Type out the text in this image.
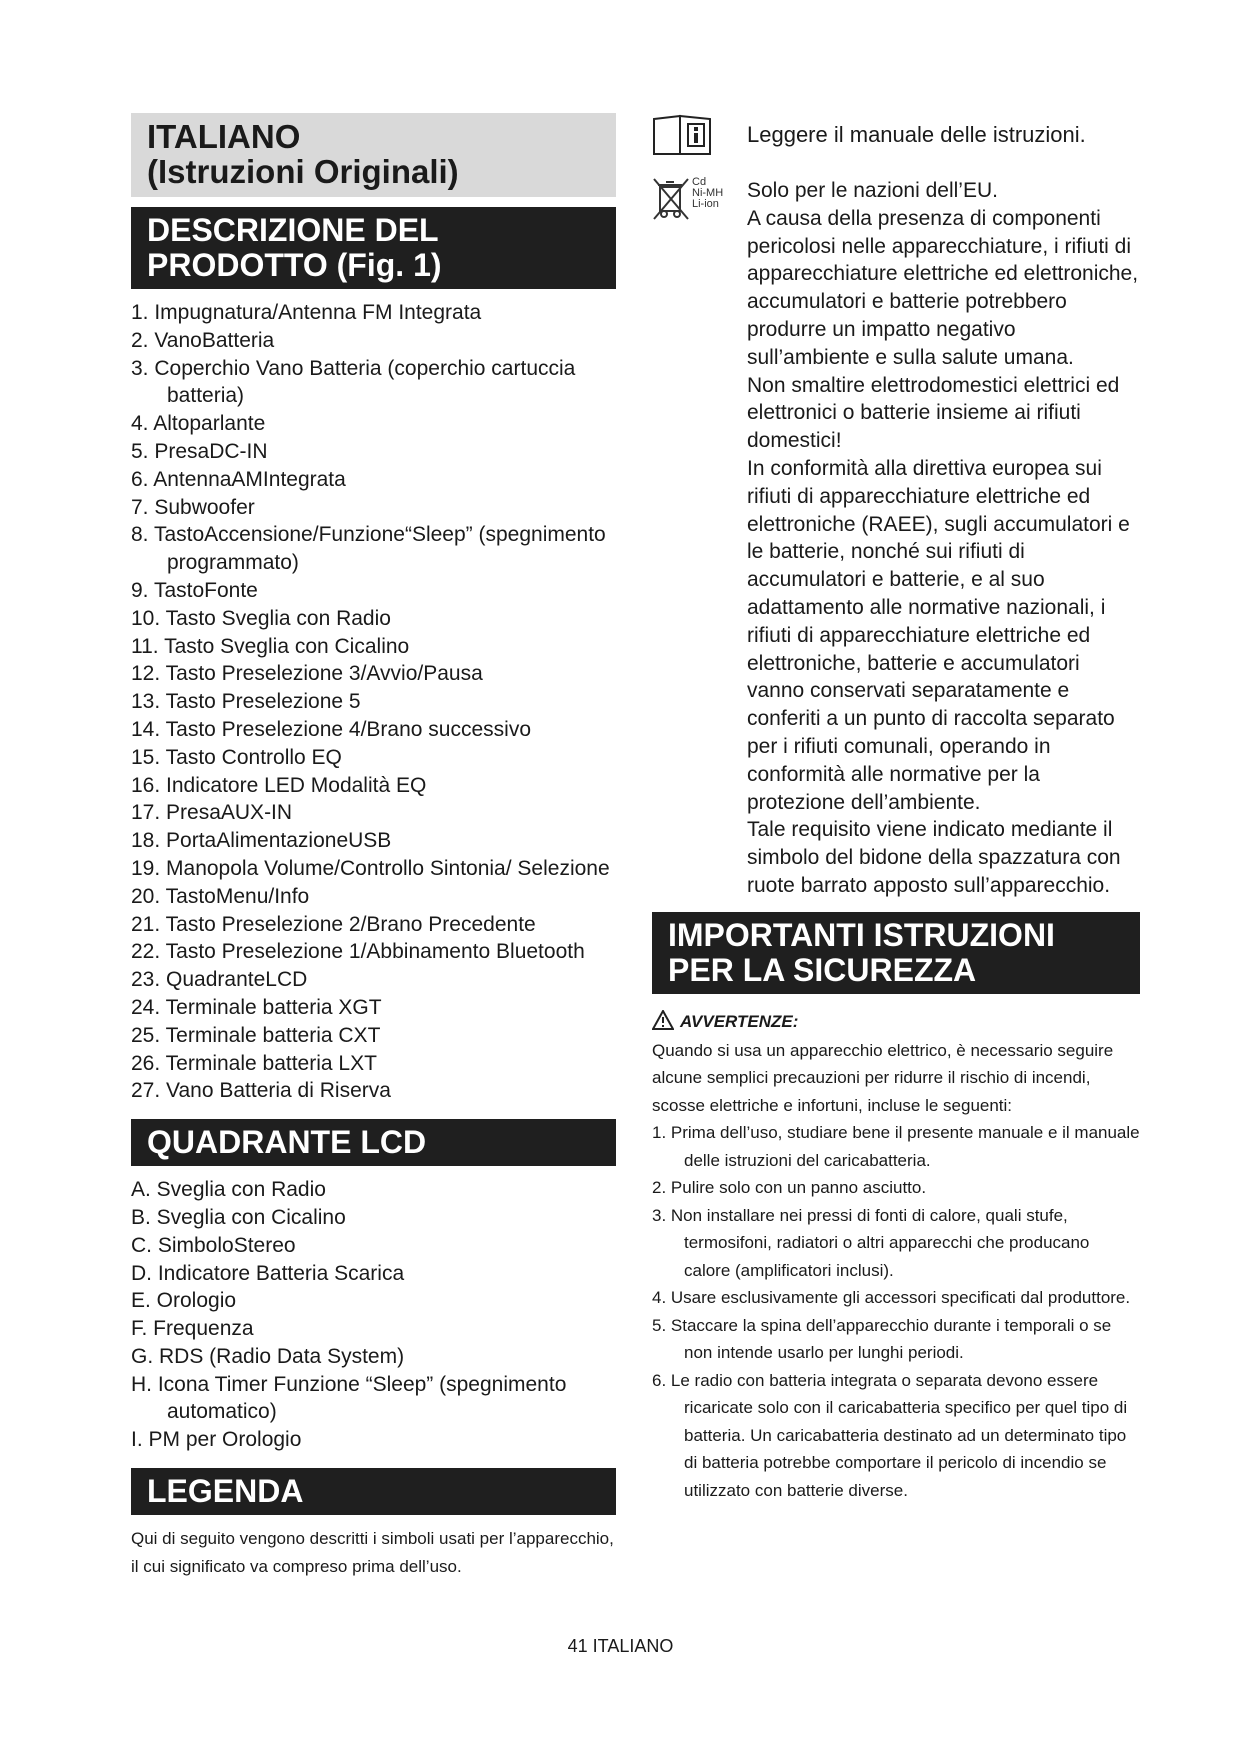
ITALIANO
(Istruzioni Originali)
DESCRIZIONE DEL
PRODOTTO (Fig. 1)
1. Impugnatura/Antenna FM Integrata
2. VanoBatteria
3. Coperchio Vano Batteria (coperchio cartuccia batteria)
4. Altoparlante
5. PresaDC-IN
6. AntennaAMIntegrata
7. Subwoofer
8. TastoAccensione/Funzione“Sleep” (spegnimento programmato)
9. TastoFonte
10. Tasto Sveglia con Radio
11. Tasto Sveglia con Cicalino
12. Tasto Preselezione 3/Avvio/Pausa
13. Tasto Preselezione 5
14. Tasto Preselezione 4/Brano successivo
15. Tasto Controllo EQ
16. Indicatore LED Modalità EQ
17. PresaAUX-IN
18. PortaAlimentazioneUSB
19. Manopola Volume/Controllo Sintonia/ Selezione
20. TastoMenu/Info
21. Tasto Preselezione 2/Brano Precedente
22. Tasto Preselezione 1/Abbinamento Bluetooth
23. QuadranteLCD
24. Terminale batteria XGT
25. Terminale batteria CXT
26. Terminale batteria LXT
27. Vano Batteria di Riserva
QUADRANTE LCD
A. Sveglia con Radio
B. Sveglia con Cicalino
C. SimboloStereo
D. Indicatore Batteria Scarica
E. Orologio
F. Frequenza
G. RDS (Radio Data System)
H. Icona Timer Funzione “Sleep” (spegnimento automatico)
I. PM per Orologio
LEGENDA
Qui di seguito vengono descritti i simboli usati per l’apparecchio, il cui significato va compreso prima dell’uso.
Leggere il manuale delle istruzioni.
Cd
Ni-MH
Li-ion
Solo per le nazioni dell’EU.
A causa della presenza di componenti pericolosi nelle apparecchiature, i rifiuti di apparecchiature elettriche ed elettroniche, accumulatori e batterie potrebbero produrre un impatto negativo sull’ambiente e sulla salute umana.
Non smaltire elettrodomestici elettrici ed elettronici o batterie insieme ai rifiuti domestici!
In conformità alla direttiva europea sui rifiuti di apparecchiature elettriche ed elettroniche (RAEE), sugli accumulatori e le batterie, nonché sui rifiuti di accumulatori e batterie, e al suo adattamento alle normative nazionali, i rifiuti di apparecchiature elettriche ed elettroniche, batterie e accumulatori vanno conservati separatamente e conferiti a un punto di raccolta separato per i rifiuti comunali, operando in conformità alle normative per la protezione dell’ambiente.
Tale requisito viene indicato mediante il simbolo del bidone della spazzatura con ruote barrato apposto sull’apparecchio.
IMPORTANTI ISTRUZIONI
PER LA SICUREZZA
AVVERTENZE:
Quando si usa un apparecchio elettrico, è necessario seguire alcune semplici precauzioni per ridurre il rischio di incendi, scosse elettriche e infortuni, incluse le seguenti:
1. Prima dell’uso, studiare bene il presente manuale e il manuale delle istruzioni del caricabatteria.
2. Pulire solo con un panno asciutto.
3. Non installare nei pressi di fonti di calore, quali stufe, termosifoni, radiatori o altri apparecchi che producano calore (amplificatori inclusi).
4. Usare esclusivamente gli accessori specificati dal produttore.
5. Staccare la spina dell’apparecchio durante i temporali o se non intende usarlo per lunghi periodi.
6. Le radio con batteria integrata o separata devono essere ricaricate solo con il caricabatteria specifico per quel tipo di batteria. Un caricabatteria destinato ad un determinato tipo di batteria potrebbe comportare il pericolo di incendio se utilizzato con batterie diverse.
41 ITALIANO
